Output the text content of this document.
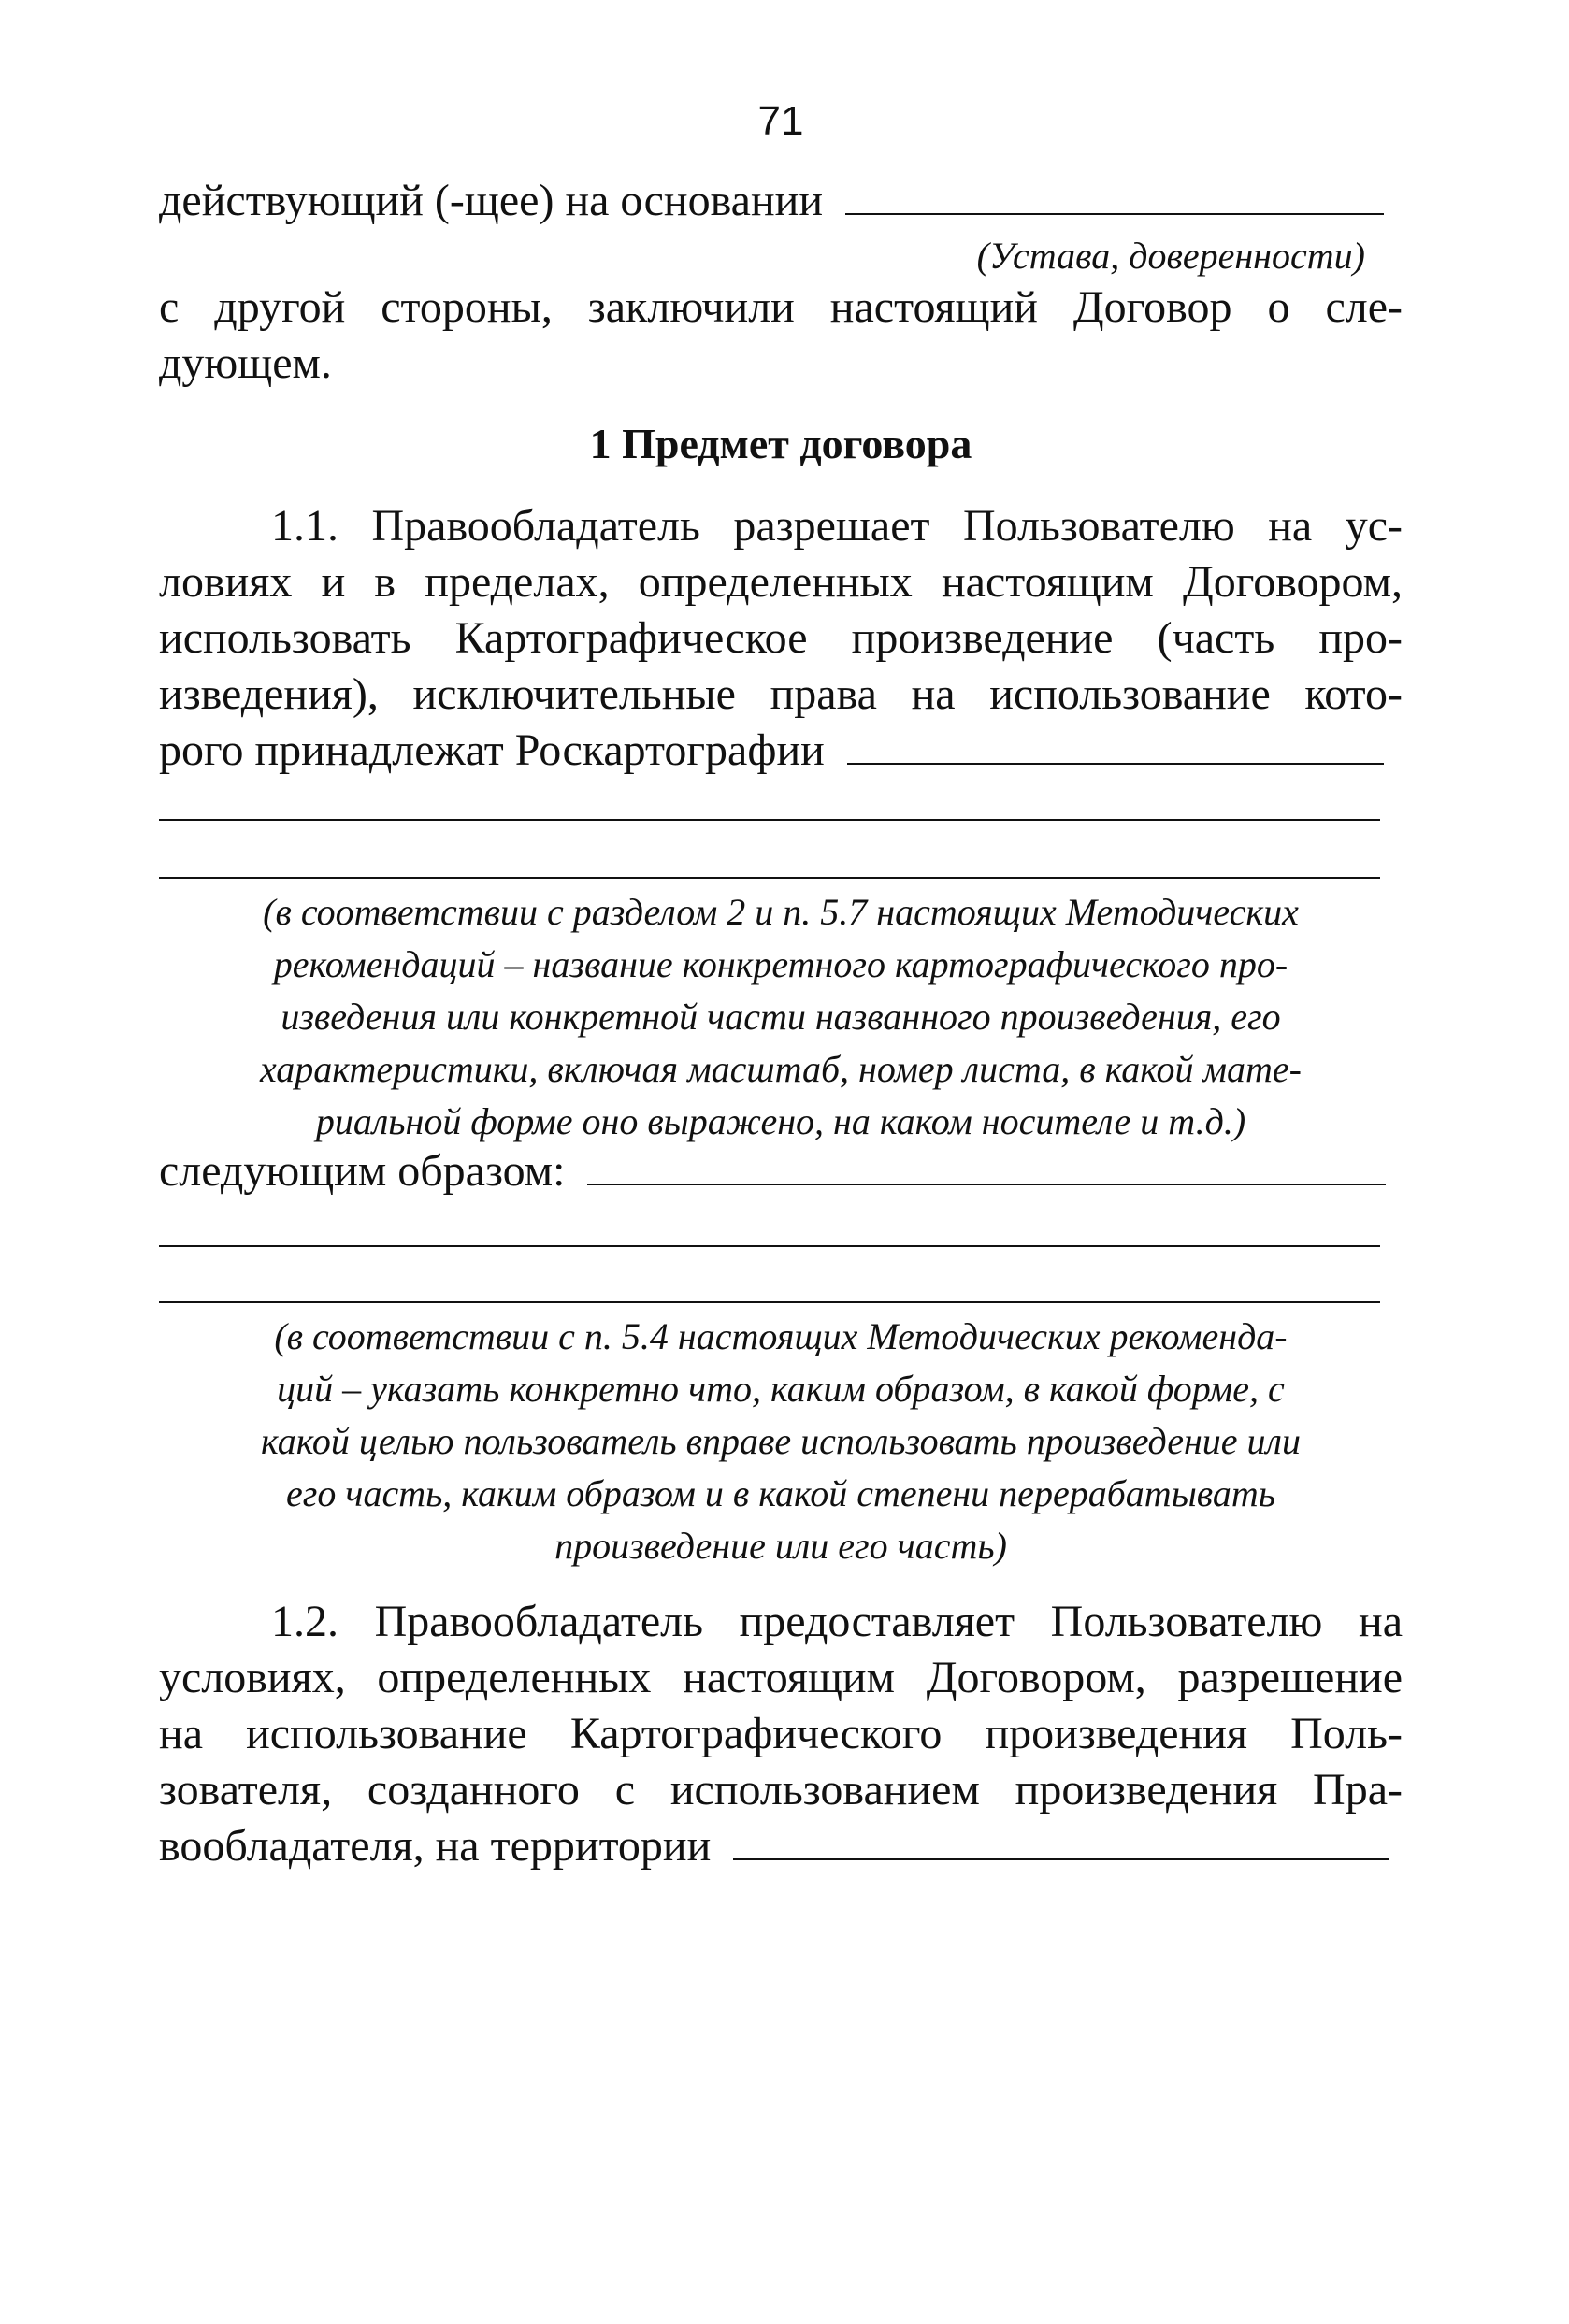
71
действующий (-щее) на основании
(Устава, доверенности)
с другой стороны, заключили настоящий Договор о сле-
дующем.
1 Предмет договора
1.1. Правообладатель разрешает Пользователю на ус-
ловиях и в пределах, определенных настоящим Договором,
использовать Картографическое произведение (часть про-
изведения), исключительные права на использование кото-
рого принадлежат Роскартографии
(в соответствии с разделом 2 и п. 5.7 настоящих Методических
рекомендаций – название конкретного картографического про-
изведения или конкретной части названного произведения, его
характеристики, включая масштаб, номер листа, в какой мате-
риальной форме оно выражено, на каком носителе и т.д.)
следующим образом:
(в соответствии с п. 5.4 настоящих Методических рекоменда-
ций – указать конкретно что, каким образом, в какой форме, с
какой целью пользователь вправе использовать произведение или
его часть, каким образом и в какой степени перерабатывать
произведение или его часть)
1.2. Правообладатель предоставляет Пользователю на
условиях, определенных настоящим Договором, разрешение
на использование Картографического произведения Поль-
зователя, созданного с использованием произведения Пра-
вообладателя, на территории
